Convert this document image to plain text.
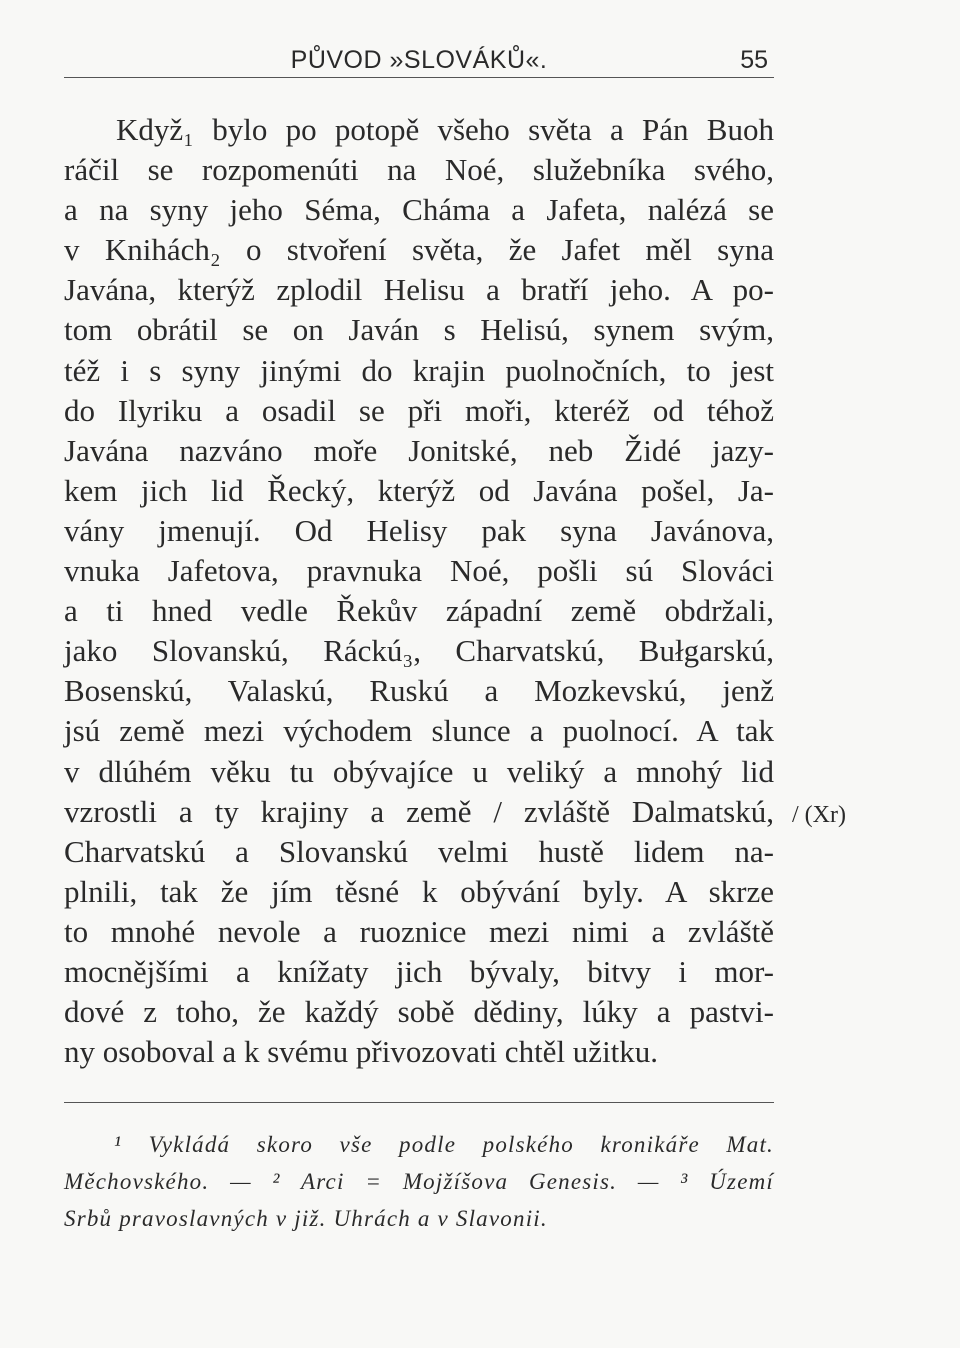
PŮVOD »SLOVÁKŮ«.	55
Když₁ bylo po potopě všeho světa a Pán Buoh
ráčil se rozpomenúti na Noé, služebníka svého,
a na syny jeho Séma, Chámа a Jafeta, nalézá se
v Knihách₂ o stvoření světa, že Jafet měl syna
Javána, kterýž zplodil Helisu a bratří jeho. A po-
tom obrátil se on Javán s Helisú, synem svým,
též i s syny jinými do krajin puolnočních, to jest
do Ilyriku a osadil se při moři, kteréž od téhož
Javána nazváno moře Jonitské, neb Židé jazy-
kem jich lid Řecký, kterýž od Javána pošel, Ja-
vány jmenují. Od Helisy pak syna Javánova,
vnuka Jafetova, pravnuka Noé, pošli sú Slováci
a ti hned vedle Řekův západní země obdržali,
jako Slovanskú, Ráckú₃, Charvatskú, Bułgarskú,
Bosenskú, Valaskú, Ruskú a Mozkevskú, jenž
jsú země mezi východem slunce a puolnocí. A tak
v dlúhém věku tu obývajíce u veliký a mnohý lid
vzrostli a ty krajiny a země / zvláště Dalmatskú,
Charvatskú a Slovanskú velmi hustě lidem na-
plnili, tak že jím těsné k obývání byly. A skrze
to mnohé nevole a ruoznice mezi nimi a zvláště
mocnějšími a knížaty jich bývaly, bitvy i mor-
dové z toho, že každý sobě dědiny, lúky a pastvi-
ny osoboval a k svému přivozovati chtěl užitku.
/ (Xr)
¹ Vykládá skoro vše podle polského kronikáře Mat.
Měchovského. — ² Arci = Mojžíšova Genesis. — ³ Území
Srbů pravoslavných v již. Uhrách a v Slavonii.
